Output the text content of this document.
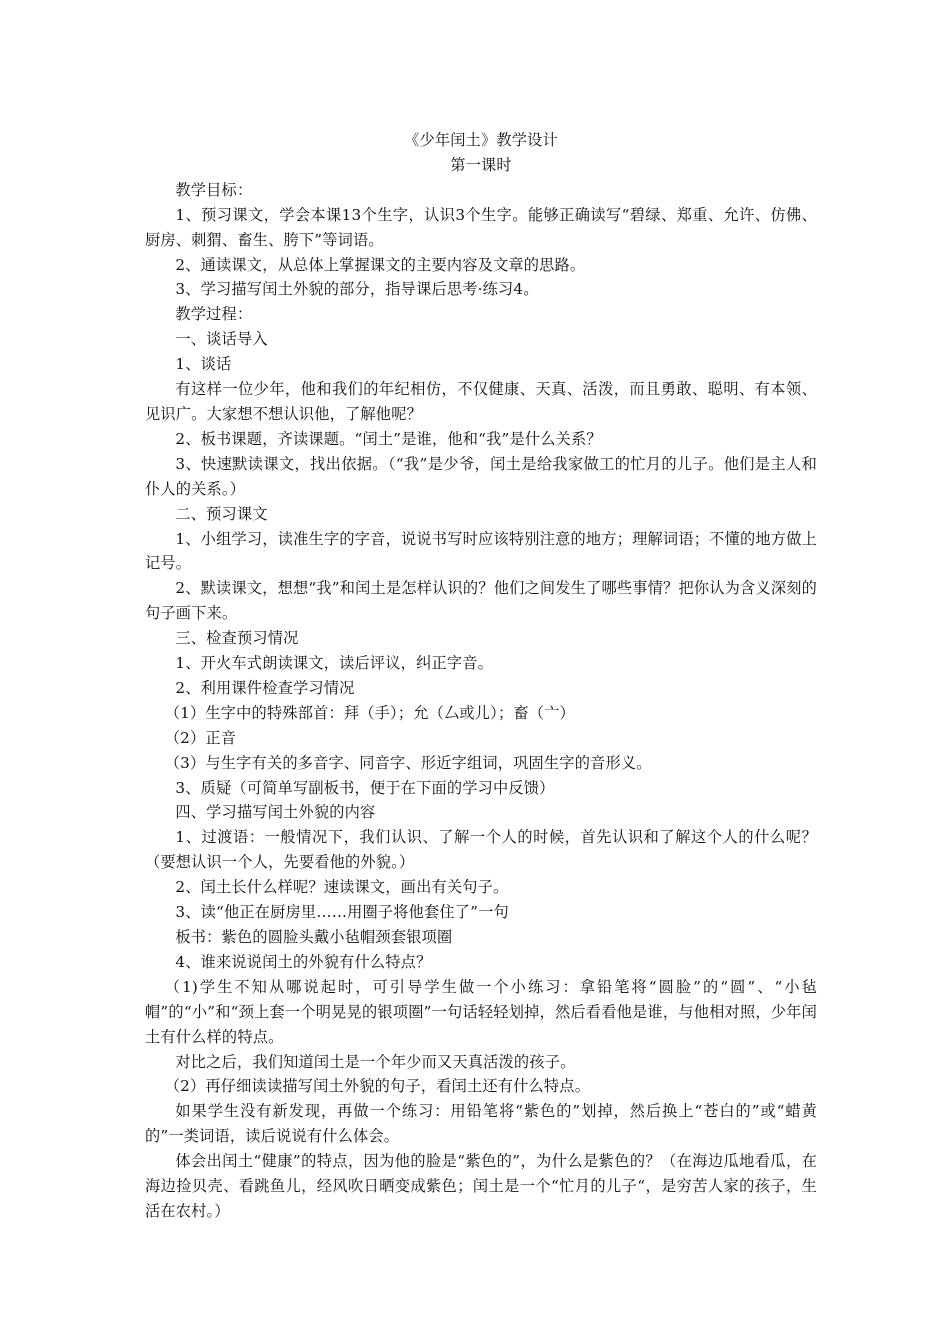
《少年闰土》教学设计
第一课时

教学目标：

1、预习课文，学会本课13个生字，认识3个生字。能够正确读写“碧绿、郑重、允许、仿佛、厨房、刺猬、畜生、胯下”等词语。

2、通读课文，从总体上掌握课文的主要内容及文章的思路。

3、学习描写闰土外貌的部分，指导课后思考·练习4。

教学过程：

一、谈话导入

1、谈话

有这样一位少年，他和我们的年纪相仿，不仅健康、天真、活泼，而且勇敢、聪明、有本领、见识广。大家想不想认识他，了解他呢？

2、板书课题，齐读课题。“闰土”是谁，他和“我”是什么关系？

3、快速默读课文，找出依据。（“我”是少爷，闰土是给我家做工的忙月的儿子。他们是主人和仆人的关系。）

二、预习课文

1、小组学习，读准生字的字音，说说书写时应该特别注意的地方；理解词语；不懂的地方做上记号。

2、默读课文，想想“我”和闰土是怎样认识的？他们之间发生了哪些事情？把你认为含义深刻的句子画下来。

三、检查预习情况

1、开火车式朗读课文，读后评议，纠正字音。

2、利用课件检查学习情况

（1）生字中的特殊部首：拜（手）；允（厶或儿）；畜（亠）

（2）正音

（3）与生字有关的多音字、同音字、形近字组词，巩固生字的音形义。

3、质疑（可简单写副板书，便于在下面的学习中反馈）

四、学习描写闰土外貌的内容

1、过渡语：一般情况下，我们认识、了解一个人的时候，首先认识和了解这个人的什么呢？（要想认识一个人，先要看他的外貌。）

2、闰土长什么样呢？速读课文，画出有关句子。

3、读“他正在厨房里……用圈子将他套住了”一句

板书：紫色的圆脸头戴小毡帽颈套银项圈

4、谁来说说闰土的外貌有什么特点？

（1)学生不知从哪说起时，可引导学生做一个小练习：拿铅笔将“圆脸”的“圆”、“小毡帽”的“小”和“颈上套一个明晃晃的银项圈”一句话轻轻划掉，然后看看他是谁，与他相对照，少年闰土有什么样的特点。

对比之后，我们知道闰土是一个年少而又天真活泼的孩子。

（2）再仔细读读描写闰土外貌的句子，看闰土还有什么特点。

如果学生没有新发现，再做一个练习：用铅笔将“紫色的”划掉，然后换上“苍白的”或“蜡黄的”一类词语，读后说说有什么体会。

体会出闰土“健康”的特点，因为他的脸是“紫色的”，为什么是紫色的？（在海边瓜地看瓜，在海边捡贝壳、看跳鱼儿，经风吹日晒变成紫色；闰土是一个“忙月的儿子“，是穷苦人家的孩子，生活在农村。）
